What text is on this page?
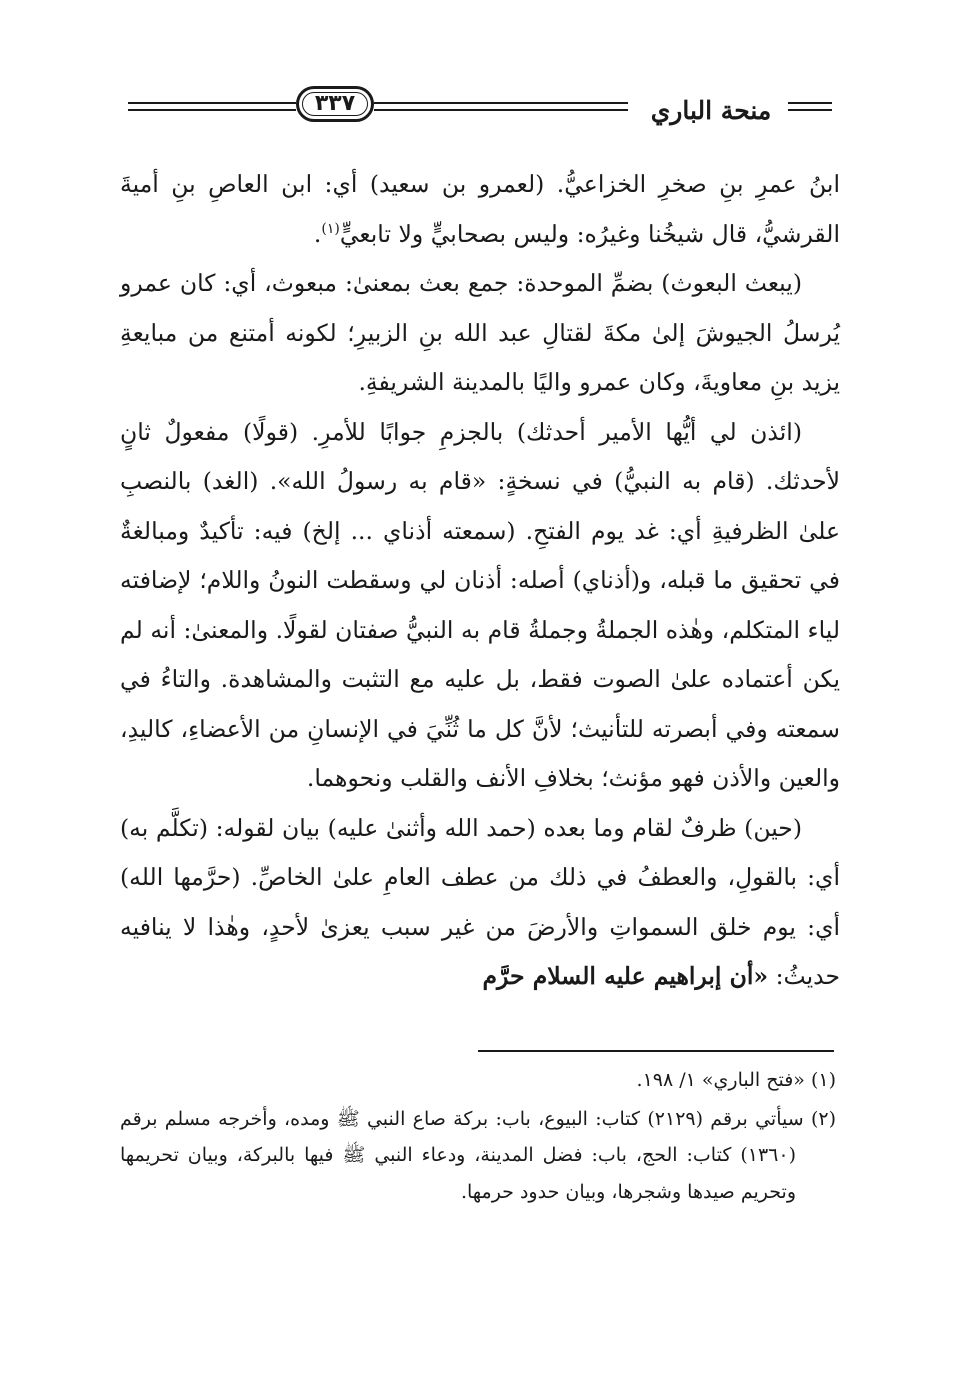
٣٣٧	منحة الباري

ابنُ عمرِ بنِ صخرِ الخزاعيُّ. (لعمرو بن سعيد) أي: ابن العاصِ بنِ أميةَ القرشيُّ، قال شيخُنا وغيرُه: وليس بصحابيٍّ ولا تابعيٍّ$^{(١)}$.

(يبعث البعوث) بضمِّ الموحدة: جمع بعث بمعنىٰ: مبعوث، أي: كان عمرو يُرسلُ الجيوشَ إلىٰ مكةَ لقتالِ عبد الله بنِ الزبيرِ؛ لكونه أمتنع من مبايعةِ يزيد بنِ معاويةَ، وكان عمرو واليًا بالمدينة الشريفةِ.

(ائذن لي أيُّها الأمير أحدثك) بالجزمِ جوابًا للأمرِ. (قولًا) مفعولٌ ثانٍ لأحدثك. (قام به النبيُّ) في نسخةٍ: «قام به رسولُ الله». (الغد) بالنصبِ علىٰ الظرفيةِ أي: غد يوم الفتحِ. (سمعته أذناي ... إلخ) فيه: تأكيدٌ ومبالغةٌ في تحقيق ما قبله، و(أذناي) أصله: أذنان لي وسقطت النونُ واللام؛ لإضافته لياء المتكلم، وهٰذه الجملةُ وجملةُ قام به النبيُّ صفتان لقولًا. والمعنىٰ: أنه لم يكن أعتماده علىٰ الصوت فقط، بل عليه مع التثبت والمشاهدة. والتاءُ في سمعته وفي أبصرته للتأنيث؛ لأنَّ كل ما ثُنِّيَ في الإنسانِ من الأعضاءِ، كاليدِ، والعين والأذن فهو مؤنث؛ بخلافِ الأنف والقلب ونحوهما.

(حين) ظرفٌ لقام وما بعده (حمد الله وأثنىٰ عليه) بيان لقوله: (تكلَّم به) أي: بالقولِ، والعطفُ في ذلك من عطف العامِ علىٰ الخاصِّ. (حرَّمها الله) أي: يوم خلق السمواتِ والأرضَ من غير سبب يعزىٰ لأحدٍ، وهٰذا لا ينافيه حديثُ: «أن إبراهيم عليه السلام حرَّم

(١) «فتح الباري» ١/ ١٩٨.

(٢) سيأتي برقم (٢١٢٩) كتاب: البيوع، باب: بركة صاع النبي ﷺ ومده، وأخرجه مسلم برقم (١٣٦٠) كتاب: الحج، باب: فضل المدينة، ودعاء النبي ﷺ فيها بالبركة، وبيان تحريمها وتحريم صيدها وشجرها، وبيان حدود حرمها.
